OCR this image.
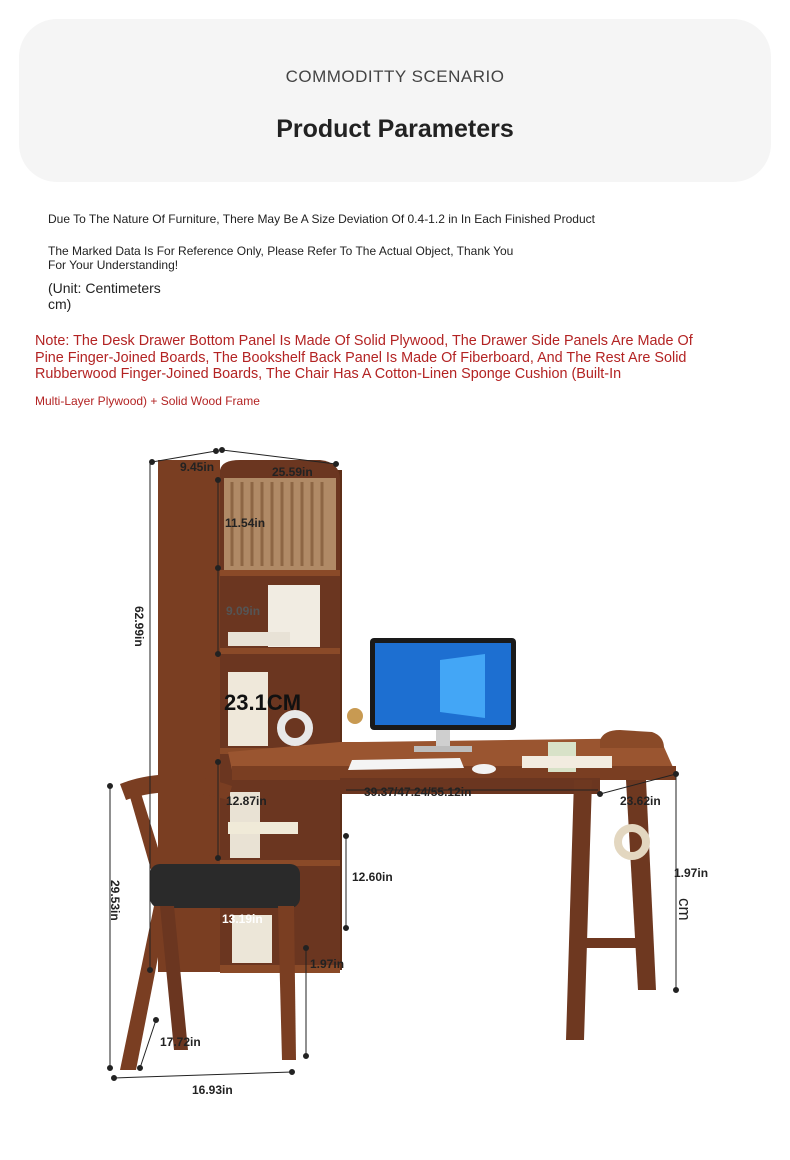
COMMODITTY SCENARIO
Product Parameters
Due To The Nature Of Furniture, There May Be A Size Deviation Of 0.4-1.2 in In Each Finished Product
The Marked Data Is For Reference Only, Please Refer To The Actual Object, Thank You For Your Understanding!
(Unit: Centimeters cm)
Note: The Desk Drawer Bottom Panel Is Made Of Solid Plywood, The Drawer Side Panels Are Made Of Pine Finger-Joined Boards, The Bookshelf Back Panel Is Made Of Fiberboard, And The Rest Are Solid Rubberwood Finger-Joined Boards, The Chair Has A Cotton-Linen Sponge Cushion (Built-In
Multi-Layer Plywood) + Solid Wood Frame
9.45in	25.59in
11.54in
9.09in
62.99in
23.1CM
12.87in
39.37/47.24/55.12in
23.62in
12.60in
13.19in
1.97in
29.53in
1.97in
cm
17.72in
16.93in
